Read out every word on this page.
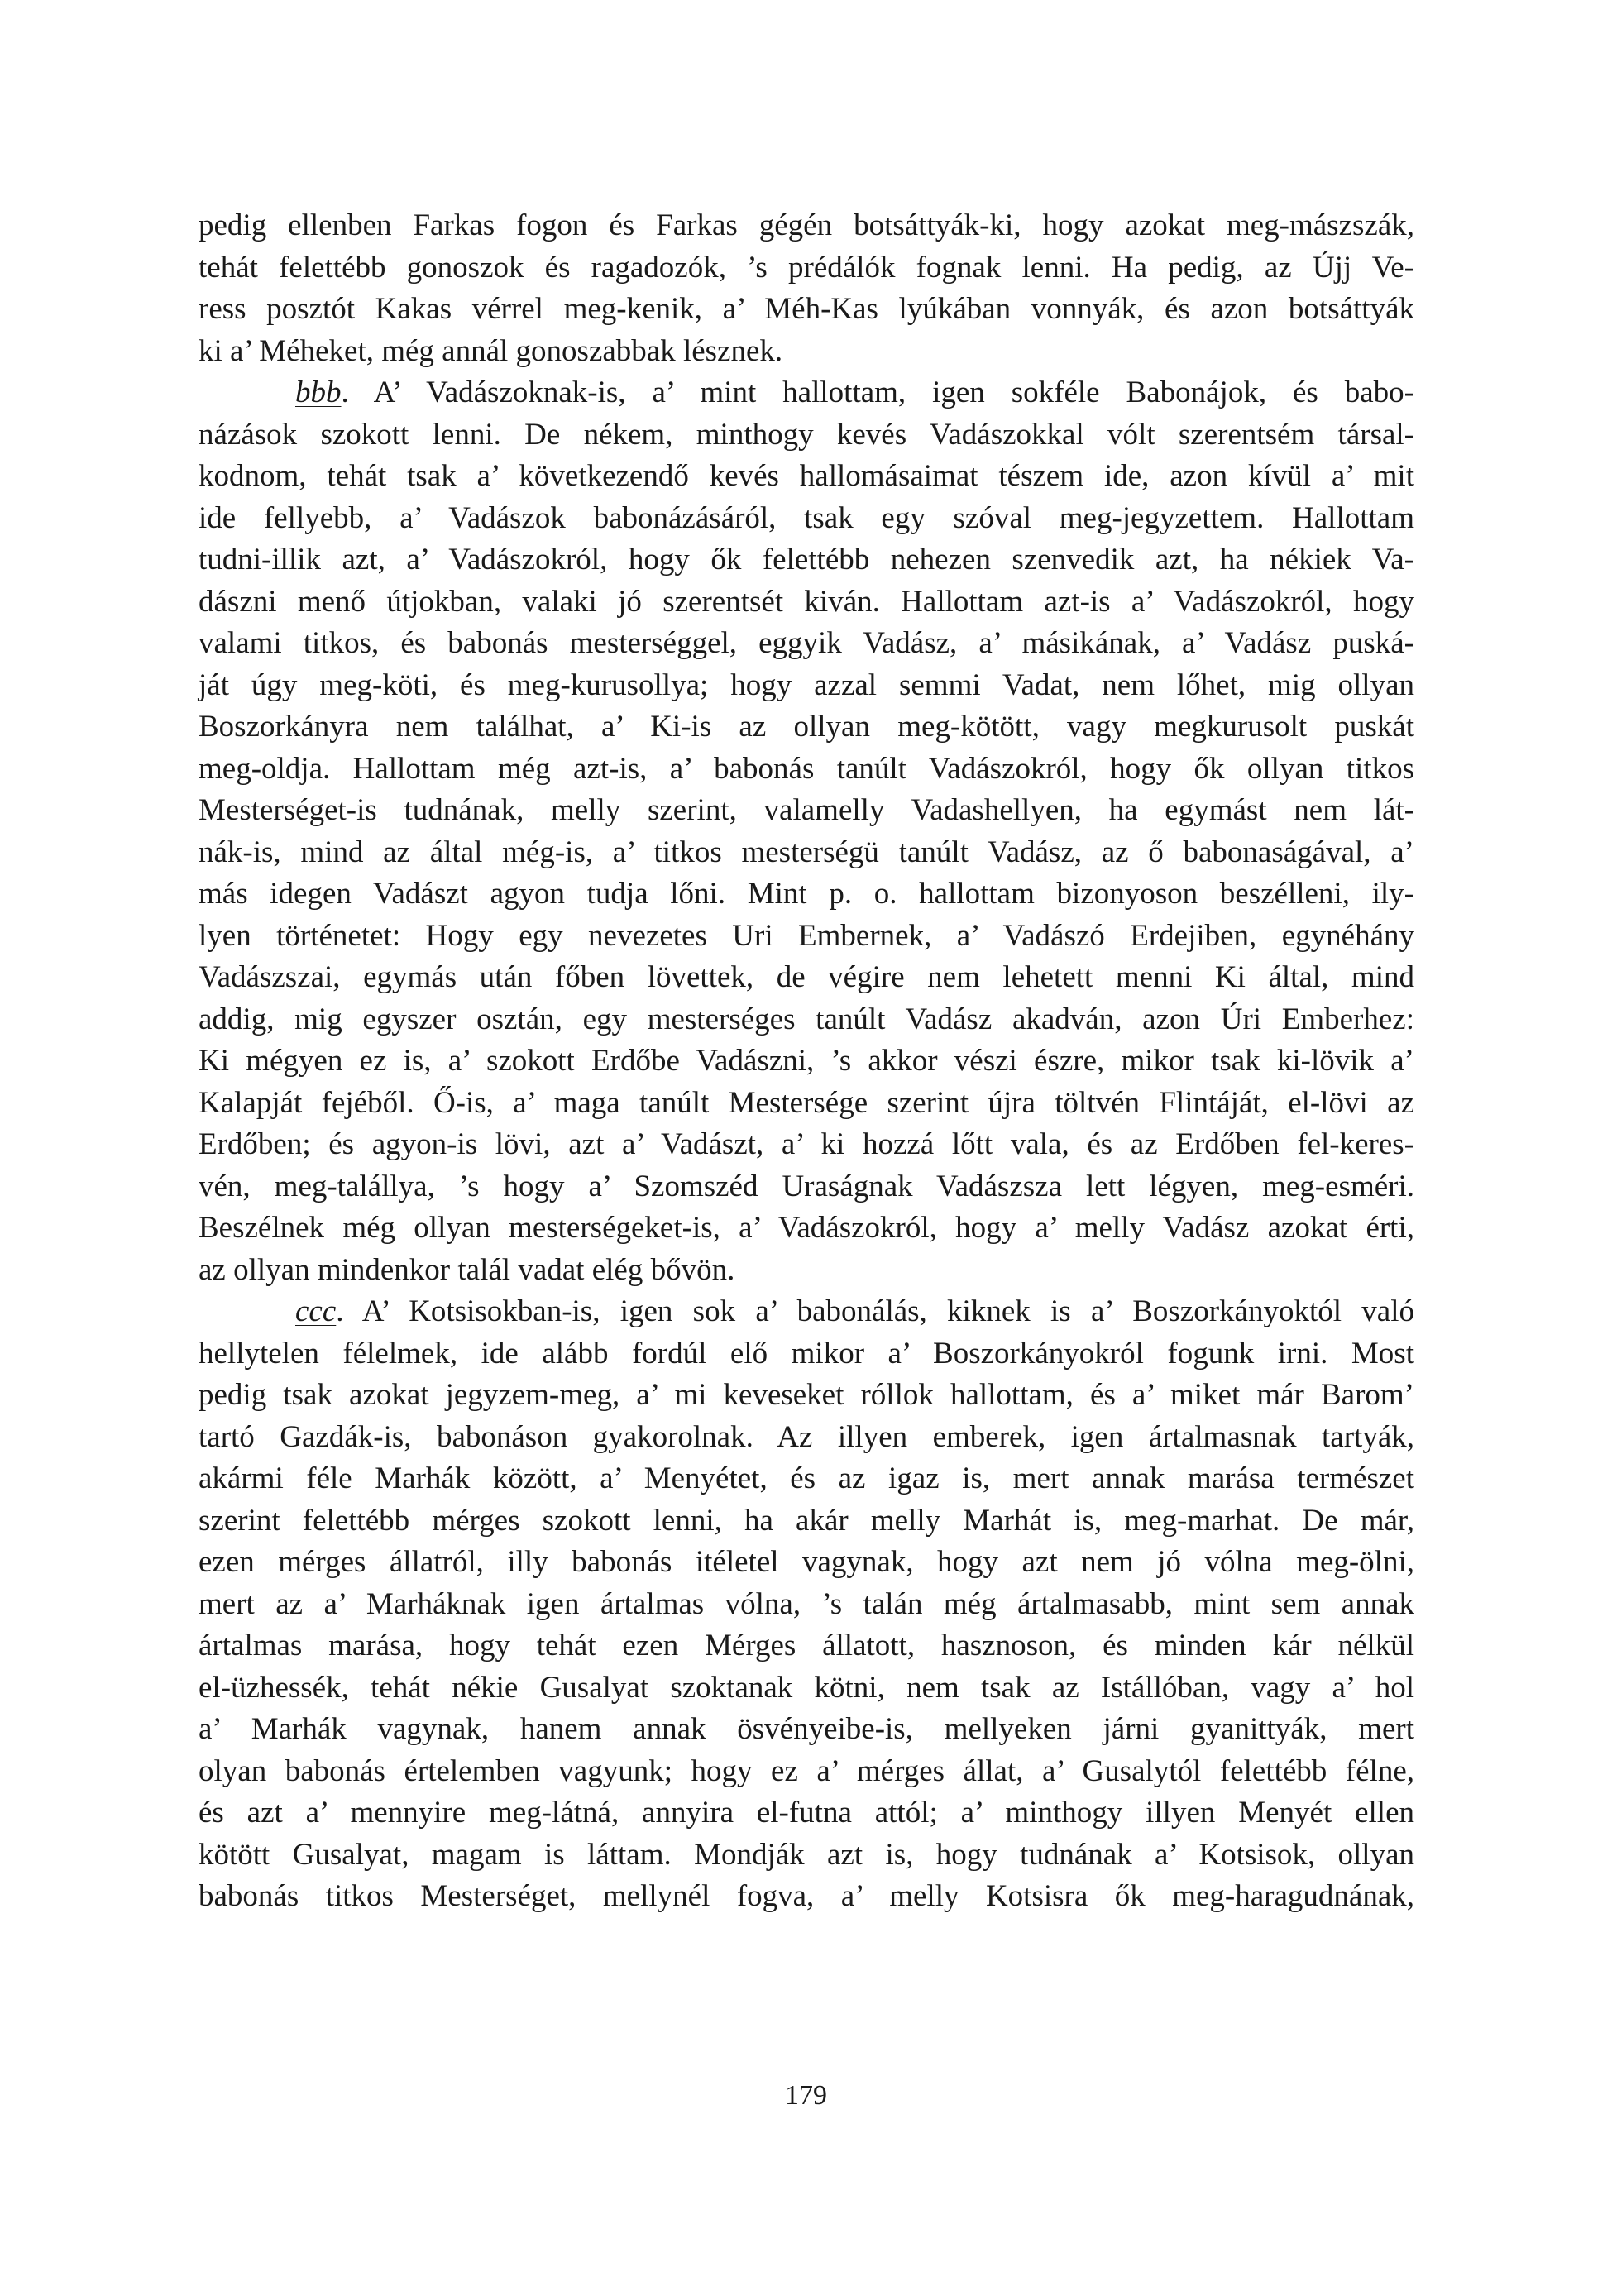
pedig ellenben Farkas fogon és Farkas gégén botsáttyák-ki, hogy azokat meg-mászszák,
tehát felettébb gonoszok és ragadozók, ’s prédálók fognak lenni. Ha pedig, az Újj Ve-
ress posztót Kakas vérrel meg-kenik, a’ Méh-Kas lyúkában vonnyák, és azon botsáttyák
ki a’ Méheket, még annál gonoszabbak lésznek.
bbb. A’ Vadászoknak-is, a’ mint hallottam, igen sokféle Babonájok, és babo-
názások szokott lenni. De nékem, minthogy kevés Vadászokkal vólt szerentsém társal-
kodnom, tehát tsak a’ következendő kevés hallomásaimat tészem ide, azon kívül a’ mit
ide fellyebb, a’ Vadászok babonázásáról, tsak egy szóval meg-jegyzettem. Hallottam
tudni-illik azt, a’ Vadászokról, hogy ők felettébb nehezen szenvedik azt, ha nékiek Va-
dászni menő útjokban, valaki jó szerentsét kiván. Hallottam azt-is a’ Vadászokról, hogy
valami titkos, és babonás mesterséggel, eggyik Vadász, a’ másikának, a’ Vadász puská-
ját úgy meg-köti, és meg-kurusollya; hogy azzal semmi Vadat, nem lőhet, mig ollyan
Boszorkányra nem találhat, a’ Ki-is az ollyan meg-kötött, vagy megkurusolt puskát
meg-oldja. Hallottam még azt-is, a’ babonás tanúlt Vadászokról, hogy ők ollyan titkos
Mesterséget-is tudnának, melly szerint, valamelly Vadashellyen, ha egymást nem lát-
nák-is, mind az által még-is, a’ titkos mesterségü tanúlt Vadász, az ő babonaságával, a’
más idegen Vadászt agyon tudja lőni. Mint p. o. hallottam bizonyoson beszélleni, ily-
lyen történetet: Hogy egy nevezetes Uri Embernek, a’ Vadászó Erdejiben, egynéhány
Vadászszai, egymás után főben lövettek, de végire nem lehetett menni Ki által, mind
addig, mig egyszer osztán, egy mesterséges tanúlt Vadász akadván, azon Úri Emberhez:
Ki mégyen ez is, a’ szokott Erdőbe Vadászni, ’s akkor vészi észre, mikor tsak ki-lövik a’
Kalapját fejéből. Ő-is, a’ maga tanúlt Mestersége szerint újra töltvén Flintáját, el-lövi az
Erdőben; és agyon-is lövi, azt a’ Vadászt, a’ ki hozzá lőtt vala, és az Erdőben fel-keres-
vén, meg-talállya, ’s hogy a’ Szomszéd Uraságnak Vadászsza lett légyen, meg-esméri.
Beszélnek még ollyan mesterségeket-is, a’ Vadászokról, hogy a’ melly Vadász azokat érti,
az ollyan mindenkor talál vadat elég bővön.
ccc. A’ Kotsisokban-is, igen sok a’ babonálás, kiknek is a’ Boszorkányoktól való
hellytelen félelmek, ide alább fordúl elő mikor a’ Boszorkányokról fogunk irni. Most
pedig tsak azokat jegyzem-meg, a’ mi keveseket róllok hallottam, és a’ miket már Barom’
tartó Gazdák-is, babonáson gyakorolnak. Az illyen emberek, igen ártalmasnak tartyák,
akármi féle Marhák között, a’ Menyétet, és az igaz is, mert annak marása természet
szerint felettébb mérges szokott lenni, ha akár melly Marhát is, meg-marhat. De már,
ezen mérges állatról, illy babonás itéletel vagynak, hogy azt nem jó vólna meg-ölni,
mert az a’ Marháknak igen ártalmas vólna, ’s talán még ártalmasabb, mint sem annak
ártalmas marása, hogy tehát ezen Mérges állatott, hasznoson, és minden kár nélkül
el-üzhessék, tehát nékie Gusalyat szoktanak kötni, nem tsak az Istállóban, vagy a’ hol
a’ Marhák vagynak, hanem annak ösvényeibe-is, mellyeken járni gyanittyák, mert
olyan babonás értelemben vagyunk; hogy ez a’ mérges állat, a’ Gusalytól felettébb félne,
és azt a’ mennyire meg-látná, annyira el-futna attól; a’ minthogy illyen Menyét ellen
kötött Gusalyat, magam is láttam. Mondják azt is, hogy tudnának a’ Kotsisok, ollyan
babonás titkos Mesterséget, mellynél fogva, a’ melly Kotsisra ők meg-haragudnának,
179
